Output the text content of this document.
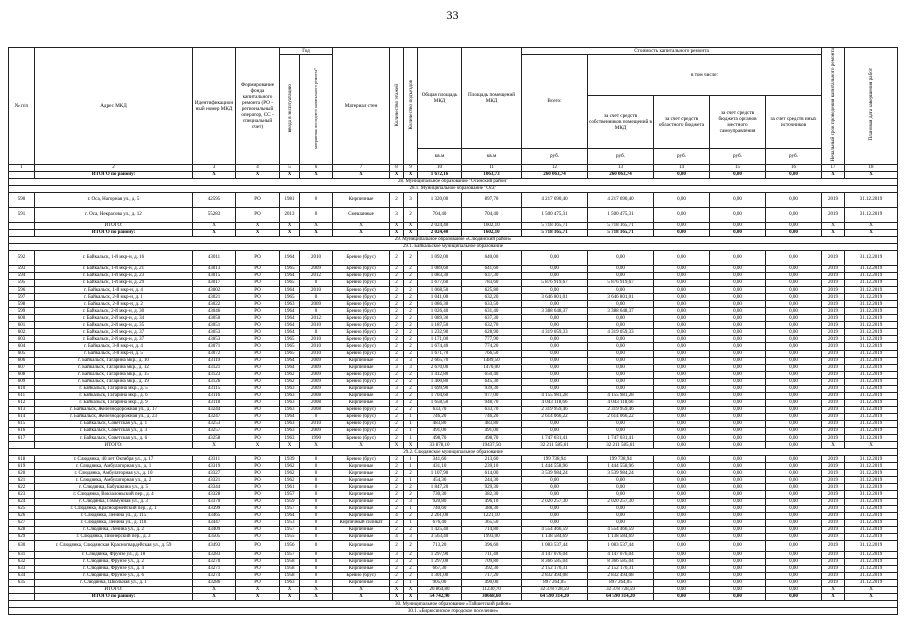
33
№ п/п	Адрес МКД	Идентификацион ный номер МКД	Формирование фонда капитального ремонта (РО - региональный оператор, СС - специальный счет)	Год		Материал стен	Количество этажей	Количество подъездов	Общая площадь МКД	Площадь помещений МКД	Стоимость капитального ремонта					Нечальный срок проведения капитального ремонта	Плановая дата завершения работ
				ввода в эксплуатацию	завершения последнего капитального ремонта*						Всего:	в том числе:					
												за счет средств собственников помещений в МКД	за счет средств областного бюджета	за счет средств бюджета органов местного самоуправления	за счет средств иных источников		
									кв.м	кв.м	руб.	руб.	руб.	руб.	руб.		
1	2	3	4	5	6	7	8	9	10	11	12	13	14	15	16	17	18
	ИТОГО по району:	X	X	X	X	X	X	X	1 672,16	1063,73	260 063,74	260 063,74	0,00	0,00	0,00	X	X
28. Муниципальное образование "Осинский район"																	
28.1. Муниципальное образование "Оса"																	
590	г. Оса, Нагорная ул., д. 5	42595	РО	1981	0	Кирпичные	2	3	1 320,00	897,70	4 217 690,40	4 217 690,40	0,00	0,00	0,00	2019	31.12.2019
591	г. Оса, Некрасова ул., д. 12	55283	РО	2013	0	Смешанные	3	2	704,40	704,40	1 500 475,31	1 500 475,31	0,00	0,00	0,00	2019	31.12.2019
	ИТОГО:	X	X	X	X	X	X	X	2 024,40	1602,10	5 718 165,71	5 718 165,71	0,00	0,00	0,00	X	X
	ИТОГО по району:	X	X	X	X	X	X	X	2 024,40	1602,10	5 718 165,71	5 718 165,71	0,00	0,00	0,00	X	X
29. Муниципальное образование «Слюдянский район»																	
29.1. Байкальское муниципальное образование																	
592	г. Байкальск, 1-й мкр-н, д. 16	43011	РО	1964	2010	Бревно (брус)	2	2	1 092,00	640,00	0,00	0,00	0,00	0,00	0,00	2019	31.12.2019
593	г. Байкальск, 1-й мкр-н, д. 21	43013	РО	1965	2009	Бревно (брус)	2	2	1 089,60	641,60	0,00	0,00	0,00	0,00	0,00	2019	31.12.2019
594	г. Байкальск, 1-й мкр-н, д. 23	43015	РО	1964	2012	Бревно (брус)	2	2	1 083,30	637,30	0,00	0,00	0,00	0,00	0,00	2019	31.12.2019
595	г. Байкальск, 1-й мкр-н, д. 29	43017	РО	1965	0	Бревно (брус)	2	2	1 677,60	783,60	5 876 919,67	5 876 919,67	0,00	0,00	0,00	2019	31.12.2019
596	г. Байкальск, 1-й мкр-н, д. 4	43002	РО	1964	2010	Бревно (брус)	2	2	1 068,50	625,80	0,00	0,00	0,00	0,00	0,00	2019	31.12.2019
597	г. Байкальск, 2-й мкр-н, д. 1	43021	РО	1965	0	Бревно (брус)	2	2	1 041,00	632,20	3 646 801,01	3 646 801,01	0,00	0,00	0,00	2019	31.12.2019
598	г. Байкальск, 2-й мкр-н, д. 2	43022	РО	1963	2009	Бревно (брус)	2	2	1 086,30	633,50	0,00	0,00	0,00	0,00	0,00	2019	31.12.2019
599	г. Байкальск, 2-й мкр-н, д. 30	43046	РО	1964	0	Бревно (брус)	2	2	1 026,40	631,40	3 388 648,37	3 388 648,37	0,00	0,00	0,00	2019	31.12.2019
600	г. Байкальск, 2-й мкр-н, д. 34	43050	РО	1964	2012	Бревно (брус)	2	2	1 089,30	637,30	0,00	0,00	0,00	0,00	0,00	2019	31.12.2019
601	г. Байкальск, 2-й мкр-н, д. 35	43051	РО	1964	2010	Бревно (брус)	2	2	1 187,50	632,70	0,00	0,00	0,00	0,00	0,00	2019	31.12.2019
602	г. Байкальск, 2-й мкр-н, д. 37	43053	РО	1964	0	Бревно (брус)	2	2	1 232,90	628,90	4 319 059,33	4 319 059,33	0,00	0,00	0,00	2019	31.12.2019
603	г. Байкальск, 2-й мкр-н, д. 37	43053	РО	1965	2010	Бревно (брус)	2	2	1 171,00	777,90	0,00	0,00	0,00	0,00	0,00	2019	31.12.2019
604	г. Байкальск, 3-й мкр-н, д. 4	43071	РО	1965	2010	Бревно (брус)	2	2	1 674,40	774,20	0,00	0,00	0,00	0,00	0,00	2019	31.12.2019
605	г. Байкальск, 3-й мкр-н, д. 5	43072	РО	1965	2010	Бревно (брус)	2	2	1 671,70	766,50	0,00	0,00	0,00	0,00	0,00	2019	31.12.2019
606	г. Байкальск, Гагарина мкр., д. 10	43119	РО	1964	2009	Кирпичные	3	3	2 665,70	1489,50	0,00	0,00	0,00	0,00	0,00	2019	31.12.2019
607	г. Байкальск, Гагарина мкр., д. 12	43121	РО	1964	2009	Кирпичные	3	3	2 670,00	1470,00	0,00	0,00	0,00	0,00	0,00	2019	31.12.2019
608	г. Байкальск, Гагарина мкр., д. 15	43123	РО	1962	2009	Бревно (брус)	2	2	1 412,80	650,40	0,00	0,00	0,00	0,00	0,00	2019	31.12.2019
609	г. Байкальск, Гагарина мкр., д. 19	43126	РО	1962	2009	Бревно (брус)	2	2	1 400,80	645,30	0,00	0,00	0,00	0,00	0,00	2019	31.12.2019
610	г. Байкальск, Гагарина мкр., д. 5	43115	РО	1963	2009	Кирпичные	3	2	1 699,90	939,30	0,00	0,00	0,00	0,00	0,00	2019	31.12.2019
611	г. Байкальск, Гагарина мкр., д. 6	43116	РО	1963	2008	Кирпичные	3	2	1 704,60	977,00	4 155 981,28	4 155 981,28	0,00	0,00	0,00	2019	31.12.2019
612	г. Байкальск, Гагарина мкр., д. 9	43118	РО	1963	2008	Кирпичные	3	2	1 658,50	948,70	4 043 118,66	4 043 118,66	0,00	0,00	0,00	2019	31.12.2019
613	г. Байкальск, Железнодорожная ул., д. 17	43244	РО	1963	2008	Бревно (брус)	2	2	633,70	633,70	2 319 959,46	2 319 959,46	0,00	0,00	0,00	2019	31.12.2019
614	г. Байкальск, Железнодорожная ул., д. 23	43247	РО	1964	0	Бревно (брус)	2	1	746,20	746,20	2 614 066,22	2 614 066,22	0,00	0,00	0,00	2019	31.12.2019
615	г. Байкальск, Советская ул., д. 1	43253	РО	1963	2010	Бревно (брус)	2	1	483,80	483,80	0,00	0,00	0,00	0,00	0,00	2019	31.12.2019
616	г. Байкальск, Советская ул., д. 3	43257	РО	1963	2009	Бревно (брус)	2	1	491,00	491,00	0,00	0,00	0,00	0,00	0,00	2019	31.12.2019
617	г. Байкальск, Советская ул., д. 6	43258	РО	1963	1990	Бревно (брус)	2	1	498,70	498,70	1 747 031,41	1 747 031,41	0,00	0,00	0,00	2019	31.12.2019
	ИТОГО:	X	X	X	X	X	X	X	33 878,10	19437,50	32 211 585,61	32 211 585,61	0,00	0,00	0,00	X	X
29.2. Слюдянское муниципальное образование																	
618	г. Слюдянка, 40 лет Октября ул., д. 17	43311	РО	1939	0	Бревно (брус)	2	1	341,60	213,60	199 738,94	199 738,94	0,00	0,00	0,00	2019	31.12.2019
619	г. Слюдянка, Амбулаторная ул., д. 1	43319	РО	1962	0	Кирпичные	2	1	431,10	239,10	1 444 558,96	1 444 558,96	0,00	0,00	0,00	2019	31.12.2019
620	г. Слюдянка, Амбулаторная ул., д. 10	43327	РО	1962	0	Кирпичные	2	2	1 107,90	614,00	3 539 984,24	3 539 984,24	0,00	0,00	0,00	2019	31.12.2019
621	г. Слюдянка, Амбулаторная ул., д. 2	43321	РО	1962	0	Кирпичные	2	1	454,30	244,30	0,00	0,00	0,00	0,00	0,00	2019	31.12.2019
622	г. Слюдянка, Бабушкина ул., д. 5	43344	РО	1961	0	Кирпичные	2	2	1 847,20	929,30	0,00	0,00	0,00	0,00	0,00	2019	31.12.2019
623	г. Слюдянка, Вокзалоньский пер., д. 4	43328	РО	1957	0	Кирпичные	2	2	730,30	382,30	0,00	0,00	0,00	0,00	0,00	2019	31.12.2019
624	г. Слюдянка, Гоммунная ул., д. 3	43370	РО	1959	0	Кирпичные	2	3	920,80	496,10	2 020 257,30	2 020 257,30	0,00	0,00	0,00	2019	31.12.2019
625	г. Слюдянка, Красноармейский пер., д. 1	43399	РО	1957	0	Кирпичные	2	1	740,60	388,30	0,00	0,00	0,00	0,00	0,00	2019	31.12.2019
626	г. Слюдянка, Ленина ул., д. 115	43465	РО	1964	0	Кирпичные	4	2	2 261,00	1221,10	0,00	0,00	0,00	0,00	0,00	2019	31.12.2019
627	г. Слюдянка, Ленина ул., д. 118	43447	РО	1953	0	Кирпичный силикат	2	1	676,40	365,50	0,00	0,00	0,00	0,00	0,00	2019	31.12.2019
628	г. Слюдянка, Ленина ул., д. 2	43409	РО	1957	0	Кирпичные	2	2	1 425,40	714,80	4 554 466,59	4 554 466,59	0,00	0,00	0,00	2019	31.12.2019
629	г. Слюдянка, Пионерский пер., д. 3	43505	РО	1955	0	Кирпичные	4	3	3 563,40	1993,00	1 138 584,69	1 138 584,69	0,00	0,00	0,00	2019	31.12.2019
630	г. Слюдянка, Слюдянская Красногвардейская ул., д. 59	43493	РО	1956	0	Кирпичные	2	2	713,20	396,60	1 083 537,44	1 083 537,44	0,00	0,00	0,00	2019	31.12.2019
631	г. Слюдянка, Фрунзе ул., д. 18	43283	РО	1957	0	Кирпичные	3	2	1 297,90	711,40	4 147 076,04	4 147 076,04	0,00	0,00	0,00	2019	31.12.2019
632	г. Слюдянка, Фрунзе ул., д. 2	43270	РО	1958	0	Кирпичные	3	2	1 297,00	709,80	8 366 585,04	8 366 585,04	0,00	0,00	0,00	2019	31.12.2019
633	г. Слюдянка, Фрунзе ул., д. 4	43271	РО	1958	0	Кирпичные	2	2	667,30	392,30	2 152 170,31	2 152 170,31	0,00	0,00	0,00	2019	31.12.2019
634	г. Слюдянка, Фрунзе ул., д. 6	43274	РО	1958	0	Бревно (брус)	2	2	1 301,00	717,20	2 832 494,08	2 832 494,08	0,00	0,00	0,00	2019	31.12.2019
635	г. Слюдянка, Школьная ул., д. 1	43286	РО	1963	0	Кирпичные	2	1	905,00	490,00	897 264,05	897 264,05	0,00	0,00	0,00	2019	31.12.2019
	ИТОГО:	X	X	X	X	X	X	X	20 864,80	11230,70	32 378 728,59	32 378 728,59	0,00	0,00	0,00	X	X
	ИТОГО по району:	X	X	X	X	X	X	X	54 742,90	30668,60	64 590 314,20	64 590 314,20	0,00	0,00	0,00	X	X
30. Муниципальное образование «Тайшетский район»																	
30.1. «Бирюсинское городское поселение»																	
